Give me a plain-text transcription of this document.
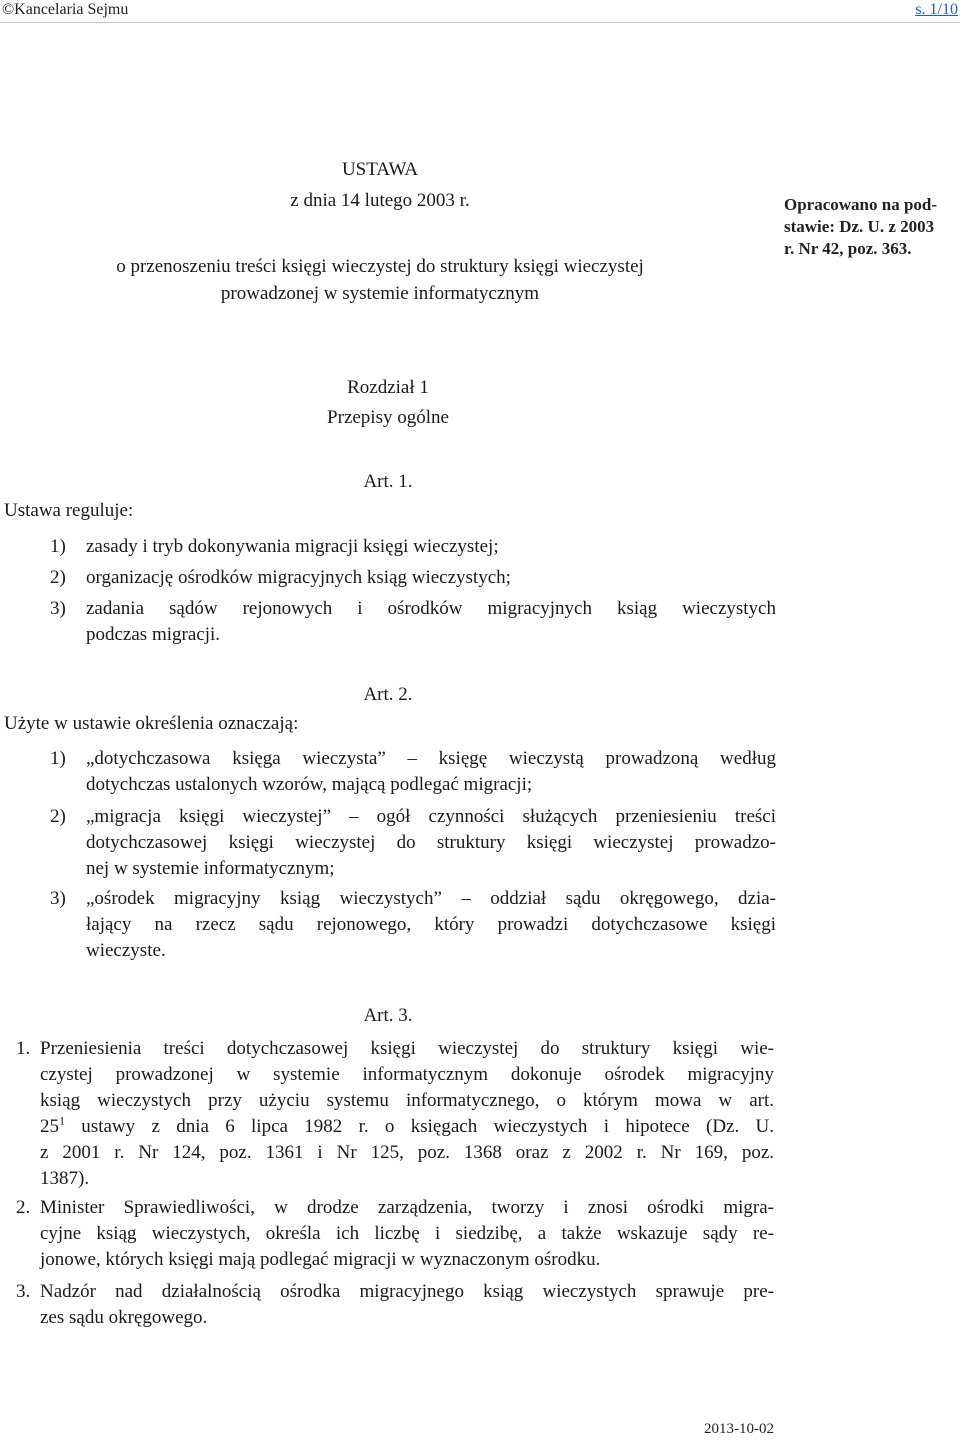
©Kancelaria Sejmu	s. 1/10
USTAWA
z dnia 14 lutego 2003 r.
o przenoszeniu treści księgi wieczystej do struktury księgi wieczystej
prowadzonej w systemie informatycznym
Opracowano na pod-
stawie: Dz. U. z 2003
r. Nr 42, poz. 363.
Rozdział 1
Przepisy ogólne
Art. 1.
Ustawa reguluje:
1) zasady i tryb dokonywania migracji księgi wieczystej;
2) organizację ośrodków migracyjnych ksiąg wieczystych;
3) zadania sądów rejonowych i ośrodków migracyjnych ksiąg wieczystych
podczas migracji.
Art. 2.
Użyte w ustawie określenia oznaczają:
1) „dotychczasowa księga wieczysta” – księgę wieczystą prowadzoną według
dotychczas ustalonych wzorów, mającą podlegać migracji;
2) „migracja księgi wieczystej” – ogół czynności służących przeniesieniu treści
dotychczasowej księgi wieczystej do struktury księgi wieczystej prowadzo-
nej w systemie informatycznym;
3) „ośrodek migracyjny ksiąg wieczystych” – oddział sądu okręgowego, dzia-
łający na rzecz sądu rejonowego, który prowadzi dotychczasowe księgi
wieczyste.
Art. 3.
1. Przeniesienia treści dotychczasowej księgi wieczystej do struktury księgi wie-
czystej prowadzonej w systemie informatycznym dokonuje ośrodek migracyjny
ksiąg wieczystych przy użyciu systemu informatycznego, o którym mowa w art.
$25^1$ ustawy z dnia 6 lipca 1982 r. o księgach wieczystych i hipotece (Dz. U.
z 2001 r. Nr 124, poz. 1361 i Nr 125, poz. 1368 oraz z 2002 r. Nr 169, poz.
1387).
2. Minister Sprawiedliwości, w drodze zarządzenia, tworzy i znosi ośrodki migra-
cyjne ksiąg wieczystych, określa ich liczbę i siedzibę, a także wskazuje sądy re-
jonowe, których księgi mają podlegać migracji w wyznaczonym ośrodku.
3. Nadzór nad działalnością ośrodka migracyjnego ksiąg wieczystych sprawuje pre-
zes sądu okręgowego.
2013-10-02
